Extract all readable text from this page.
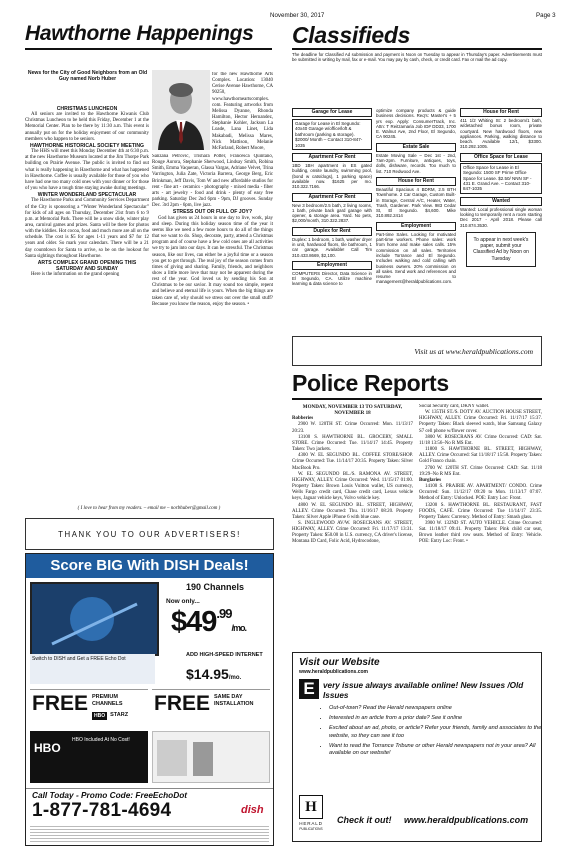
November 30, 2017	Page 3
Hawthorne Happenings
News for the City of Good Neighbors from an Old Guy named Norb Huber

CHRISTMAS LUNCHEON

All seniors are invited to the Hawthorne Kiwanis Club Christmas Luncheon to be held this Friday, December 1 at the Memorial Center. Plan to be there by 11:30 a.m. This event is annually put on for the holiday enjoyment of our community members who happen to be seniors.

HAWTHORNE HISTORICAL SOCIETY MEETING

The HHS will meet this Monday December 4th at 6:30 p.m. at the new Hawthorne Museum located at the Jim Thorpe Park building on Prairie Avenue. The public is invited to find out what is really happening in Hawthorne and what has happened in Hawthorne. Coffee is usually available for those of you who have had one too many cold ones with your dinner or for those of you who have a tough time staying awake during meetings.

WINTER WONDERLAND SPECTACULAR

The Hawthorne Parks and Community Services Department of the City is sponsoring a “Winter Wonderland Spectacular” for kids of all ages on Thursday, December 21st from 6 to 9 p.m. at Memorial Park. There will be a snow slide, winter play area, carnival games and prizes. Santa will be there for photos with the kiddies. Hot cocoa, food and much more are all on the schedule. The cost is $5 for ages 1-11 years and $7 for 12 years and older. So mark your calendars. There will be a 21 day countdown for Santa to arrive, so be on the lookout for Santa sightings throughout Hawthorne.

ARTS COMPLEX GRAND OPENING THIS SATURDAY AND SUNDAY

Here is the information on the grand opening

for the new Hawthorne Arts Complex. Location: 13040 Cerise Avenue Hawthorne, CA 90250, www.hawthorneartscomplex. com. Featuring artworks from Melissa Dyanne, Rhonda Hamilton, Hector Hernandez, Stephanie Kohler, Jackson La Loade, Lana Linet, Lida Makabadi, Melissa Mares, Nick Mattison, Melanie McFarland, Robert Moore,

Sanzana Petrovic, Trishara Potter, Francesca Quintano, Rouge Aurora, Stephanie Sherwood, Lindsay Smith, Robina Smith, Emma Vaqueran, Glassa Vargas, Adriane Velvet, Trina Varrington, Julia Zate, Victoria Barrera, George Berg, Eric Brinkman, Jeff Davis, Tom W and new affordable studios for rent - fine art - ceramics - photography - mixed media - fiber arts - art jewelry - food and drink - plenty of easy free parking. Saturday Dec 2nd 6pm - 9pm, DJ grooves. Sunday Dec. 3rd 2pm - 6pm, live jazz.

STRESS OUT OR FULL OF JOY?

God has given us 24 hours in one day to live, work, play and sleep. During this holiday season time of the year it seems like we need a few more hours to do all of the things that we want to do. Shop, decorate, party, attend a Christmas program and of course have a few cold ones are all activities we try to jam into our days. It can be stressful. The Christmas season, like our lives, can either be a joyful time or a season you get to get through. The real joy of the season comes from times of giving and sharing. Family, friends, and neighbors show a little more love that may not be apparent during the rest of the year. God loved us by sending his Son at Christmas to be our savior. It may sound too simple, repent and believe and eternal life is yours. When the big things are taken care of, why should we stress out over the small stuff? Because you know the reason, enjoy the season. •

( I love to hear from my readers. – email me – norbhuber@gmail.com )
THANK YOU TO OUR ADVERTISERS!
Score BIG With DISH Deals!
Switch to DISH and Get a FREE Echo Dot
190 Channels
Now only...
$\$49^{.99}/mo$.
ADD HIGH-SPEED INTERNET
$14.95/mo.
FREE PREMIUM CHANNELS
HBO STARZ FREE SAME DAY INSTALLATION
HBO
HBO Included At No Cost!
Call Today - Promo Code: FreeEchoDot
1-877-781-4694	dish
Classifieds
The deadline for Classified Ad submission and payment is Noon on Tuesday to appear in Thursday's paper. Advertisements must be submitted in writing by mail, fax or e-mail. You may pay by cash, check, or credit card. Fax or mail the ad copy.
Garage for Lease
Garage for Lease in El Segundo: 40x40 Garage w/office/loft & bathroom (parking & storage). $2000/ Month – Contact 310-847-1035
Apartment For Rent
1BD 1BH apartment in ES gated building, onsite laundry, swimming pool, (bond w cats/dogs), 1 parking space) available now. $1625 per mo. 310.322.7166.
Apartment For Rent
New 3 bedroom/2.5 bath, 2 living rooms, 1 bath, private back gard garage with opener, & storage area. Yard. No pets, $2,000/month, 310.322.2837.
Duplex for Rent
Duplex: 1 bedroom, 1 bath, washer dryer in unit, hardwood floors, tile bathroom, 1 car garage. Available! Call Tim 310.433.8669, $2,100.
Employment
COMPUTERS Director, Data Science in El Segundo, CA. Utilize machine learning & data science to
optimize company products & guide business decisions. Req's: Master's + 5 yrs exp. Apply: ConsumerTrack, Inc. Attn: T Reitzamaria Job ID# DD33, 1700 E. Walnut Ave, 2nd Floor, El Segundo, CA 90245.
Estate Sale
Estate Moving Sale – Dec 1st - 2nd, 7am-2pm. Furniture, antiques, toys, dolls, dishware, records. Too much to list. 710 Redwood Ave.
House for Rent
Beautiful Spacious 4 BDRM, 2.5 BTH Townhome. 2 Car Garage, Custom Built-in Storage, Central A/C, Heater, Water, Trash, Gardener. Park View. 983 Cedar St, El Segundo. $4,600. Mike 310.892.2414
Employment
Part-time Sales. Looking for motivated part-time workers. Phone sales: work from home and make sales calls. 15% commission on all sales. Territories include Torrance and El Segundo. Includes walking and cold calling with business owners. 20% commission on all sales. Send work and references and resume to management@heraldpublications.com.
House for Rent
411 1/2 Whiting St: 2 bedroom/1 bath, w/detached bonus room, private courtyard. New hardwood floors, new appliances. Parking, walking distance to beach. Available 12/1, $3300. 310.292.1005.
Office Space for Lease
Office Space for Lease in El Segundo: 1500 SF Prime Office Space for Lease. $2.50/ NNN SF - 431 E. Grand Ave. – Contact 310-847-1035
Wanted
Wanted: Local professional single woman looking to temporarily rent a room starting Dec 2017 - April 2018. Please call 310.874.3530.
To appear in next week's paper, submit your Classified Ad by Noon on Tuesday
Visit us at www.heraldpublications.com
Police Reports

MONDAY, NOVEMBER 13 TO SATURDAY, NOVEMBER 18

Robberies

2900 W. 120TH ST. Crime Occurred: Mon. 11/13/17 20:23.

13100 S. HAWTHORNE BL. GROCERY, SMALL STORE. Crime Occurred: Tue. 11/14/17 14:45. Property Taken: Two jackets.

4300 W. EL SEGUNDO BL. COFFEE STORE/SHOP. Crime Occurred: Tue. 11/14/17 20:35. Property Taken: Silver MacBook Pro.

W. EL SEGUNDO BL./S. RAMONA AV. STREET, HIGHWAY, ALLEY. Crime Occurred: Wed. 11/15/17 01:00. Property Taken: Brown Louis Vuitton wallet, US currency, Wells Fargo credit card, Chase credit card, Lexus vehicle keys, Jaguar vehicle keys, Volvo vehicle key.

4800 W. EL SEGUNDO BL. STREET, HIGHWAY, ALLEY. Crime Occurred: Thu. 11/16/17 08:20. Property Taken: Silver Apple iPhone 6 with blue case.

S. INGLEWOOD AV/W. ROSECRANS AV. STREET, HIGHWAY, ALLEY. Crime Occurred: Fri. 11/17/17 13:31. Property Taken: $50.00 in U.S. currency, CA driver's license, Montana ID Card, Folic Acid, Hydrocodone,

Social Security card, DKNY wallet.

W. 135TH ST./S. DOTY AV. AUCTION HOUSE STREET, HIGHWAY, ALLEY. Crime Occurred: Fri. 11/17/17 15:37. Property Taken: Black sleeved watch, blue Samsung Galaxy S7 cell phone w/flower cover.

3800 W. ROSECRANS AV. Crime Occurred: CAD: Sat. 11/18 13:56–No R MS Ent.

11800 S. HAWTHORNE BL. STREET, HIGHWAY, ALLEY. Crime Occurred: Sat 11/18/17 15:58. Property Taken: Gold Franco chain.

2700 W. 120TH ST. Crime Occurred: CAD: Sat. 11/18 19:29–No R MS Ent.

Burglaries

14100 S. PRAIRIE AV. APARTMENT/ CONDO. Crime Occurred: Sun. 11/12/17 09:20 to Mon. 11/13/17 07:07. Method of Entry: Unlocked. POE: Entry Loc: Front.

13200 S. HAWTHORNE BL. RESTAURANT, FAST FOODS, CAFÉ. Crime Occurred: Tue 11/14/17 23:35. Property Taken: Currency. Method of Entry: Smash glass.

3900 W. 132ND ST. AUTO VEHICLE. Crime Occurred: Sat. 11/18/17 09:41. Property Taken: Pink child car seat, Brown leather third row seats. Method of Entry: Vehicle. POE: Entry Loc: Front. •

Visit our Website
www.heraldpublications.com
E	very issue always available online! New Issues /Old Issues
• Out-of-town? Read the Herald newspapers online
• Interested in an article from a prior date? See it online
• Excited about an ad, photo, or article? Refer your friends, family and associates to the website, so they can see it too
• Want to read the Torrance Tribune or other Herald newspapers not in your area? All available on our website!
H
HERALD
PUBLICATIONS
Check it out! www.heraldpublications.com
